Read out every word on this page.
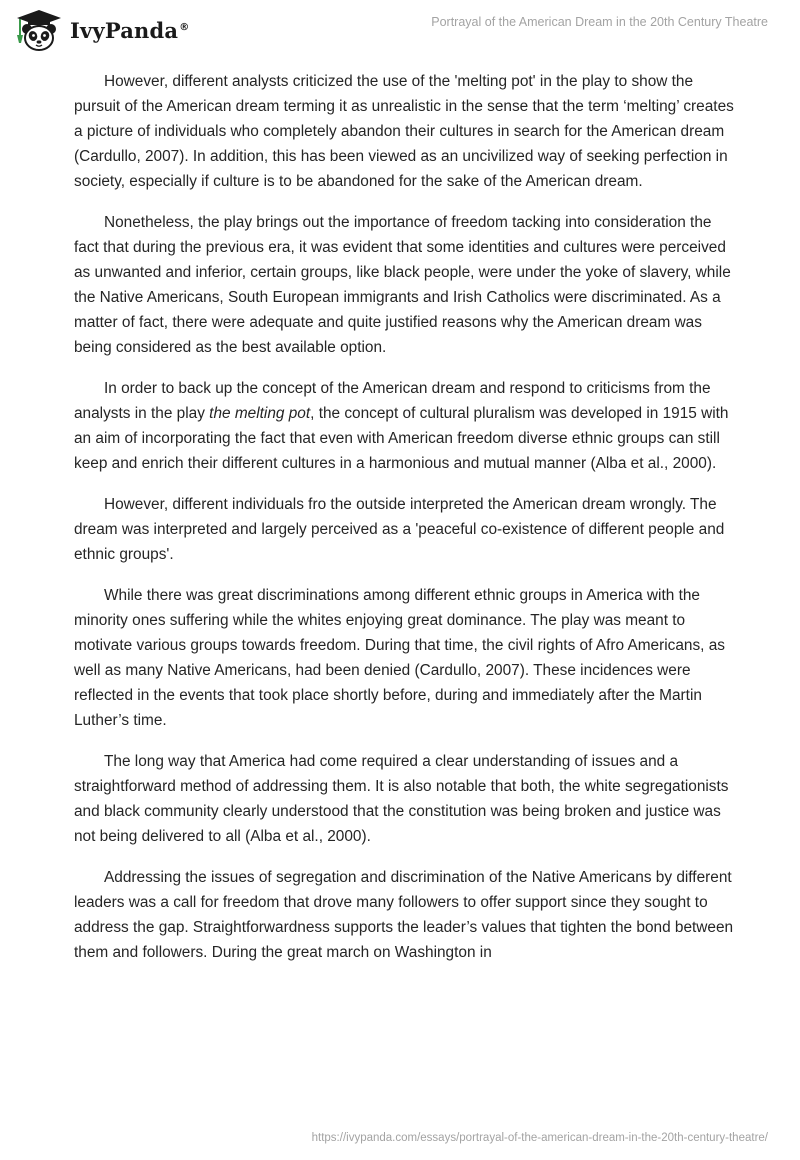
IvyPanda®	Portrayal of the American Dream in the 20th Century Theatre

However, different analysts criticized the use of the 'melting pot' in the play to show the pursuit of the American dream terming it as unrealistic in the sense that the term ‘melting’ creates a picture of individuals who completely abandon their cultures in search for the American dream (Cardullo, 2007). In addition, this has been viewed as an uncivilized way of seeking perfection in society, especially if culture is to be abandoned for the sake of the American dream.

Nonetheless, the play brings out the importance of freedom tacking into consideration the fact that during the previous era, it was evident that some identities and cultures were perceived as unwanted and inferior, certain groups, like black people, were under the yoke of slavery, while the Native Americans, South European immigrants and Irish Catholics were discriminated. As a matter of fact, there were adequate and quite justified reasons why the American dream was being considered as the best available option.

In order to back up the concept of the American dream and respond to criticisms from the analysts in the play the melting pot, the concept of cultural pluralism was developed in 1915 with an aim of incorporating the fact that even with American freedom diverse ethnic groups can still keep and enrich their different cultures in a harmonious and mutual manner (Alba et al., 2000).

However, different individuals fro the outside interpreted the American dream wrongly. The dream was interpreted and largely perceived as a 'peaceful co-existence of different people and ethnic groups'.

While there was great discriminations among different ethnic groups in America with the minority ones suffering while the whites enjoying great dominance. The play was meant to motivate various groups towards freedom. During that time, the civil rights of Afro Americans, as well as many Native Americans, had been denied (Cardullo, 2007). These incidences were reflected in the events that took place shortly before, during and immediately after the Martin Luther’s time.

The long way that America had come required a clear understanding of issues and a straightforward method of addressing them. It is also notable that both, the white segregationists and black community clearly understood that the constitution was being broken and justice was not being delivered to all (Alba et al., 2000).

Addressing the issues of segregation and discrimination of the Native Americans by different leaders was a call for freedom that drove many followers to offer support since they sought to address the gap. Straightforwardness supports the leader’s values that tighten the bond between them and followers. During the great march on Washington in

https://ivypanda.com/essays/portrayal-of-the-american-dream-in-the-20th-century-theatre/
